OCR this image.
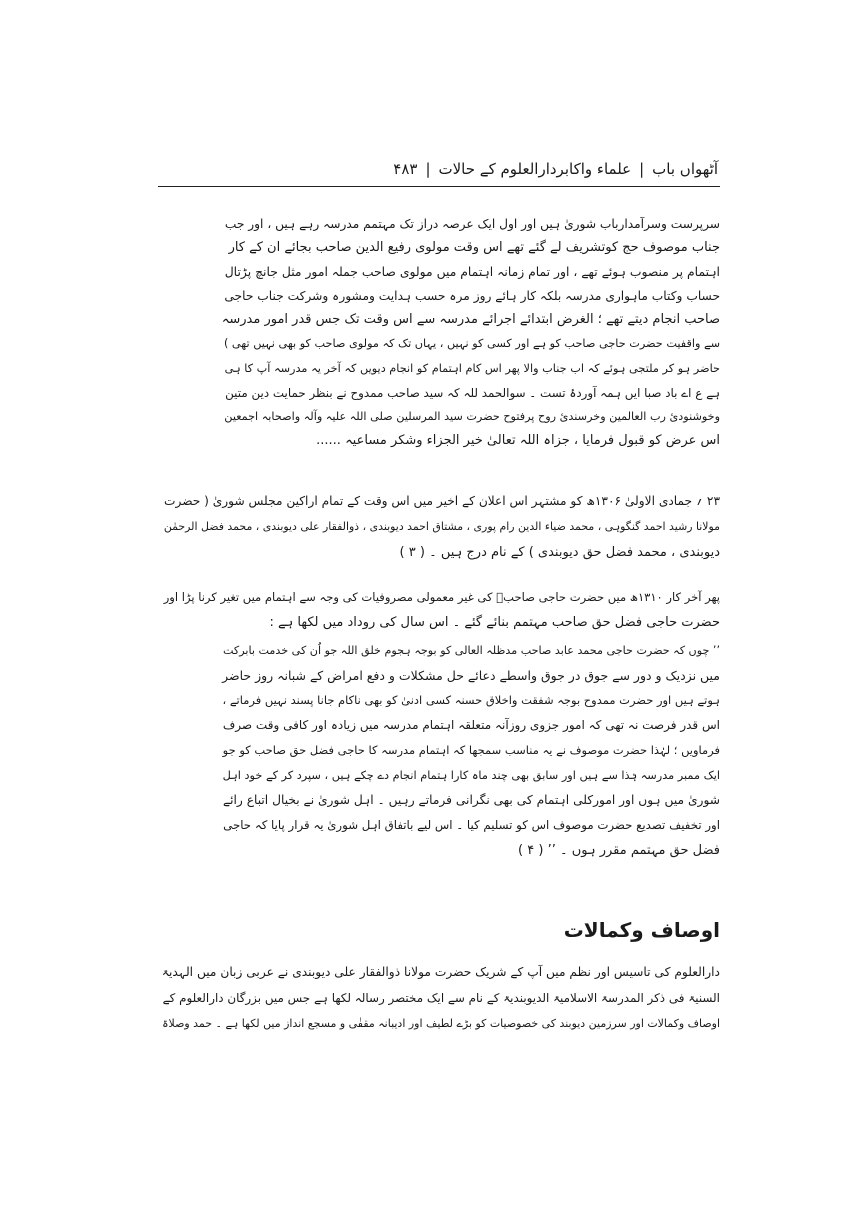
آٹھواں باب|علماء واکابردارالعلوم کے حالات|۴۸۳
سرپرست وسرآمدارباب شوریٰ ہیں اور اول ایک عرصہ دراز تک مہتمم مدرسہ رہے ہیں ، اور جب
جناب موصوف حج کوتشریف لے گئے تھے اس وقت مولوی رفیع الدین صاحب بجائے ان کے کار
اہتمام پر منصوب ہوئے تھے ، اور تمام زمانہ اہتمام میں مولوی صاحب جملہ امور مثل جانچ پڑتال
حساب وکتاب ماہواری مدرسہ بلکہ کار ہائے روز مرہ حسب ہدایت ومشورہ وشرکت جناب حاجی
صاحب انجام دیتے تھے ؛ الغرض ابتدائے اجرائے مدرسہ سے اس وقت تک جس قدر امور مدرسہ
سے واقفیت حضرت حاجی صاحب کو ہے اور کسی کو نہیں ، یہاں تک کہ مولوی صاحب کو بھی نہیں تھی )
حاضر ہو کر ملتجی ہوئے کہ اب جناب والا پھر اس کام اہتمام کو انجام دیویں کہ آخر یہ مدرسہ آپ کا ہی
ہے ع اے باد صبا ایں ہمہ آوردۂ تست ۔ سوالحمد للہ کہ سید صاحب ممدوح نے بنظر حمایت دین متین
وخوشنودیٔ رب العالمین وخرسندیٔ روح پرفتوح حضرت سید المرسلین صلی اللہ علیہ وآلہ واصحابہ اجمعین
اس عرض کو قبول فرمایا ، جزاہ اللہ تعالیٰ خیر الجزاء وشکر مساعیہ ......
۲۳ ؍ جمادی الاولیٰ ۱۳۰۶ھ کو مشتہر اس اعلان کے اخیر میں اس وقت کے تمام اراکین مجلس شوریٰ ( حضرت
مولانا رشید احمد گنگوہی ، محمد ضیاء الدین رام پوری ، مشتاق احمد دیوبندی ، ذوالفقار علی دیوبندی ، محمد فضل الرحمٰن
دیوبندی ، محمد فضل حق دیوبندی ) کے نام درج ہیں ۔ ( ۳ )
پھر آخر کار ۱۳۱۰ھ میں حضرت حاجی صاحبؒ کی غیر معمولی مصروفیات کی وجہ سے اہتمام میں تغیر کرنا پڑا اور
حضرت حاجی فضل حق صاحب مہتمم بنائے گئے ۔ اس سال کی روداد میں لکھا ہے :
’’ چوں کہ حضرت حاجی محمد عابد صاحب مدظلہ العالی کو بوجہ ہجوم خلق اللہ جو اُن کی خدمت بابرکت
میں نزدیک و دور سے جوق در جوق واسطے دعائے حل مشکلات و دفع امراض کے شبانہ روز حاضر
ہوتے ہیں اور حضرت ممدوح بوجہ شفقت واخلاق حسنہ کسی ادنیٰ کو بھی ناکام جانا پسند نہیں فرماتے ،
اس قدر فرصت نہ تھی کہ امور جزوی روزآنہ متعلقہ اہتمام مدرسہ میں زیادہ اور کافی وقت صرف
فرماویں ؛ لہٰذا حضرت موصوف نے یہ مناسب سمجھا کہ اہتمام مدرسہ کا حاجی فضل حق صاحب کو جو
ایک ممبر مدرسہ ہٰذا سے ہیں اور سابق بھی چند ماہ کارا ہتمام انجام دے چکے ہیں ، سپرد کر کے خود اہل
شوریٰ میں ہوں اور امورکلی اہتمام کی بھی نگرانی فرماتے رہیں ۔ اہل شوریٰ نے بخیال اتباع رائے
اور تخفیف تصدیع حضرت موصوف اس کو تسلیم کیا ۔ اس لیے باتفاق اہل شوریٰ یہ قرار پایا کہ حاجی
فضل حق مہتمم مقرر ہوں ۔ ’’ ( ۴ )
اوصاف وکمالات
دارالعلوم کی تاسیس اور نظم میں آپ کے شریک حضرت مولانا ذوالفقار علی دیوبندی نے عربی زبان میں الہدیۃ
السنیۃ فی ذکر المدرسۃ الاسلامیۃ الدیوبندیۃ کے نام سے ایک مختصر رسالہ لکھا ہے جس میں بزرگان دارالعلوم کے
اوصاف وکمالات اور سرزمین دیوبند کی خصوصیات کو بڑے لطیف اور ادیبانہ مقفٰی و مسجع انداز میں لکھا ہے ۔ حمد وصلاۃ
